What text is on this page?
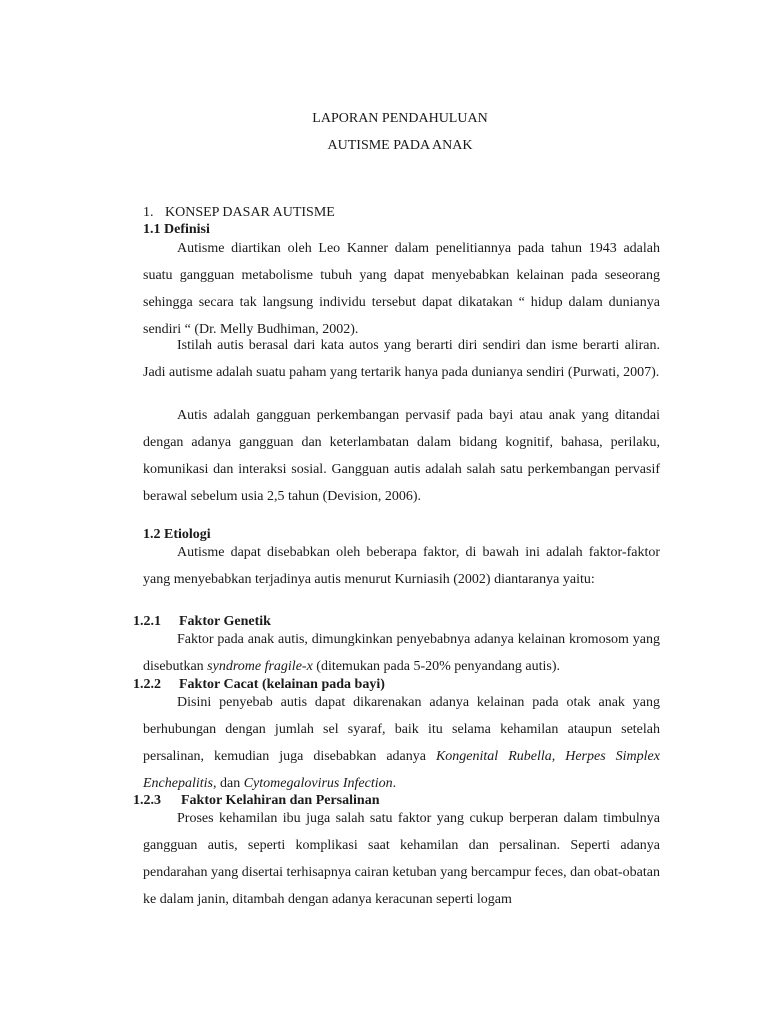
LAPORAN PENDAHULUAN
AUTISME PADA ANAK
1. KONSEP DASAR AUTISME
1.1 Definisi

Autisme diartikan oleh Leo Kanner dalam penelitiannya pada tahun 1943 adalah suatu gangguan metabolisme tubuh yang dapat menyebabkan kelainan pada seseorang sehingga secara tak langsung individu tersebut dapat dikatakan “ hidup dalam dunianya sendiri “ (Dr. Melly Budhiman, 2002).

Istilah autis berasal dari kata autos yang berarti diri sendiri dan isme berarti aliran. Jadi autisme adalah suatu paham yang tertarik hanya pada dunianya sendiri (Purwati, 2007).

Autis adalah gangguan perkembangan pervasif pada bayi atau anak yang ditandai dengan adanya gangguan dan keterlambatan dalam bidang kognitif, bahasa, perilaku, komunikasi dan interaksi sosial. Gangguan autis adalah salah satu perkembangan pervasif berawal sebelum usia 2,5 tahun (Devision, 2006).

1.2 Etiologi

Autisme dapat disebabkan oleh beberapa faktor, di bawah ini adalah faktor-faktor yang menyebabkan terjadinya autis menurut Kurniasih (2002) diantaranya yaitu:

1.2.1 Faktor Genetik

Faktor pada anak autis, dimungkinkan penyebabnya adanya kelainan kromosom yang disebutkan syndrome fragile-x (ditemukan pada 5-20% penyandang autis).

1.2.2 Faktor Cacat (kelainan pada bayi)

Disini penyebab autis dapat dikarenakan adanya kelainan pada otak anak yang berhubungan dengan jumlah sel syaraf, baik itu selama kehamilan ataupun setelah persalinan, kemudian juga disebabkan adanya Kongenital Rubella, Herpes Simplex Enchepalitis, dan Cytomegalovirus Infection.

1.2.3 Faktor Kelahiran dan Persalinan

Proses kehamilan ibu juga salah satu faktor yang cukup berperan dalam timbulnya gangguan autis, seperti komplikasi saat kehamilan dan persalinan. Seperti adanya pendarahan yang disertai terhisapnya cairan ketuban yang bercampur feces, dan obat-obatan ke dalam janin, ditambah dengan adanya keracunan seperti logam
